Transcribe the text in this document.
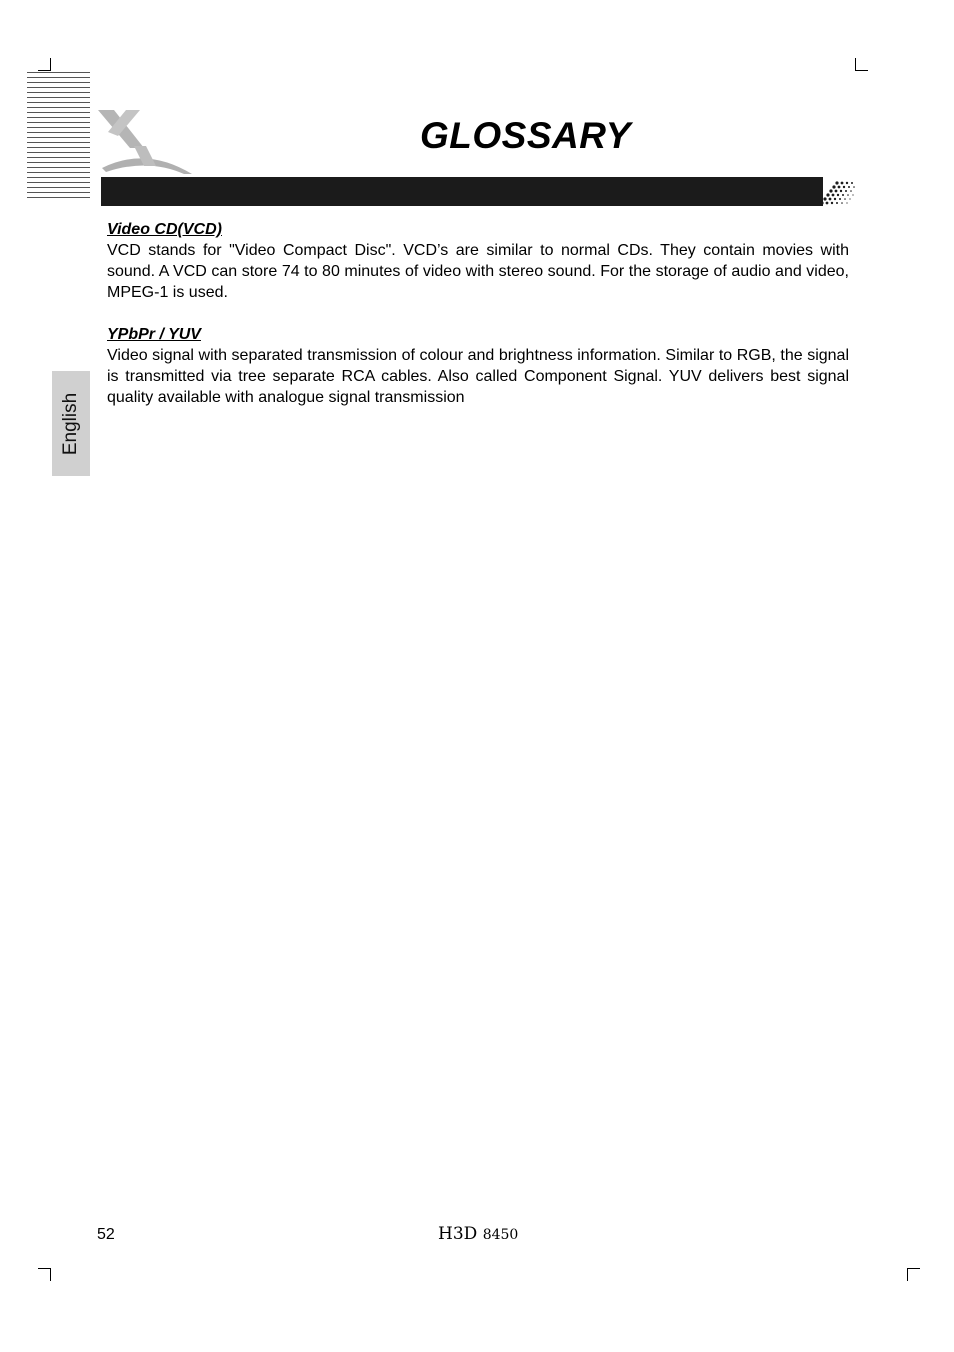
GLOSSARY
English

Video CD(VCD)

VCD stands for "Video Compact Disc". VCD’s are similar to normal CDs. They contain movies with sound. A VCD can store 74 to 80 minutes of video with stereo sound. For the storage of audio and video, MPEG-1 is used.

YPbPr / YUV

Video signal with separated transmission of colour and brightness information. Similar to RGB, the signal is transmitted via tree separate RCA cables. Also called Component Signal. YUV delivers best signal quality available with analogue signal transmission

52	H3D 8450
